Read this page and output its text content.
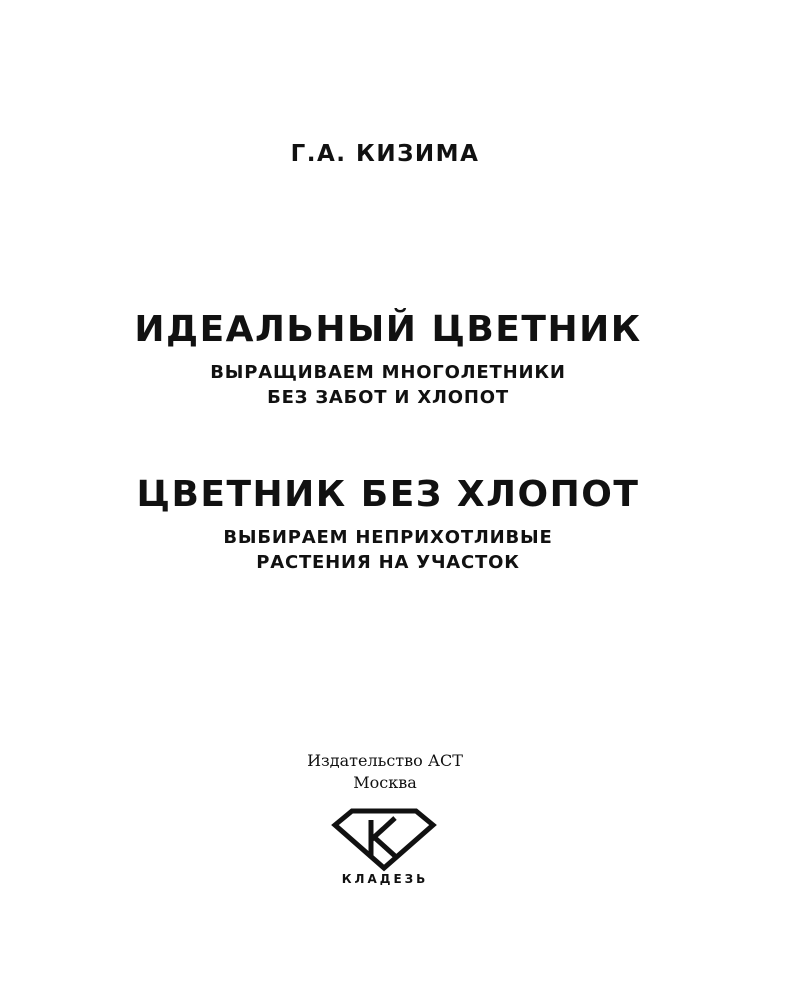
Г.А. КИЗИМА
ИДЕАЛЬНЫЙ ЦВЕТНИК
ВЫРАЩИВАЕМ МНОГОЛЕТНИКИ
БЕЗ ЗАБОТ И ХЛОПОТ
ЦВЕТНИК БЕЗ ХЛОПОТ
ВЫБИРАЕМ НЕПРИХОТЛИВЫЕ
РАСТЕНИЯ НА УЧАСТОК
Издательство АСТ
Москва
КЛАДЕЗЬ
